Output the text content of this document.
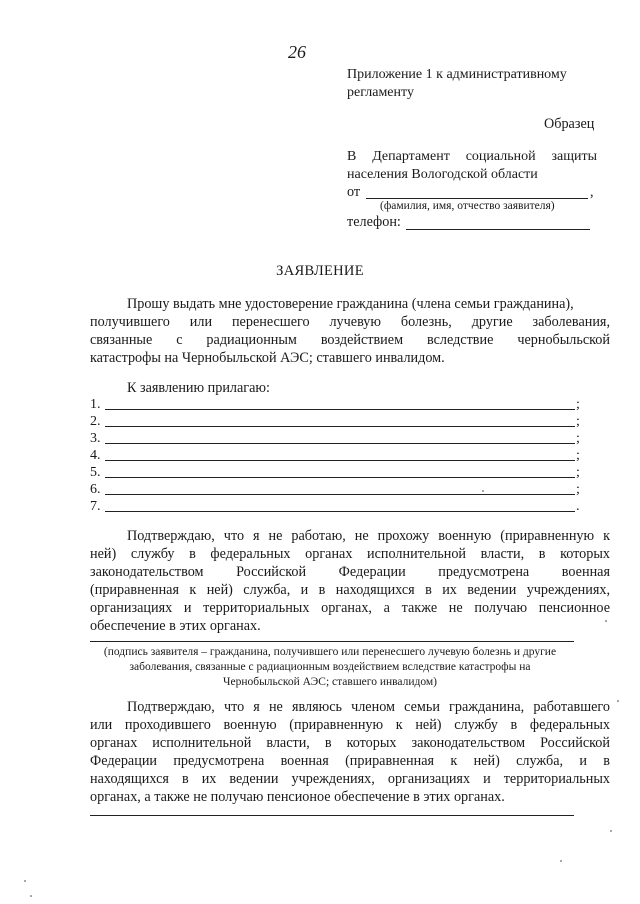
26
Приложение 1 к административному
регламенту
Образец
В Департамент социальной защиты
населения Вологодской области
от	,
(фамилия, имя, отчество заявителя)
телефон:
ЗАЯВЛЕНИЕ
Прошу выдать мне удостоверение гражданина (члена семьи гражданина),
получившего или перенесшего лучевую болезнь, другие заболевания,
связанные с радиационным воздействием вследствие чернобыльской
катастрофы на Чернобыльской АЭС; ставшего инвалидом.
К заявлению прилагаю:
1.	;
2.	;
3.	;
4.	;
5.	;
6.	;
7.	.
Подтверждаю, что я не работаю, не прохожу военную (приравненную к
ней) службу в федеральных органах исполнительной власти, в которых
законодательством Российской Федерации предусмотрена военная
(приравненная к ней) служба, и в находящихся в их ведении учреждениях,
организациях и территориальных органах, а также не получаю пенсионное
обеспечение в этих органах.
(подпись заявителя – гражданина, получившего или перенесшего лучевую болезнь и другие
заболевания, связанные с радиационным воздействием вследствие катастрофы на
Чернобыльской АЭС; ставшего инвалидом)
Подтверждаю, что я не являюсь членом семьи гражданина, работавшего
или проходившего военную (приравненную к ней) службу в федеральных
органах исполнительной власти, в которых законодательством Российской
Федерации предусмотрена военная (приравненная к ней) служба, и в
находящихся в их ведении учреждениях, организациях и территориальных
органах, а также не получаю пенсионое обеспечение в этих органах.
